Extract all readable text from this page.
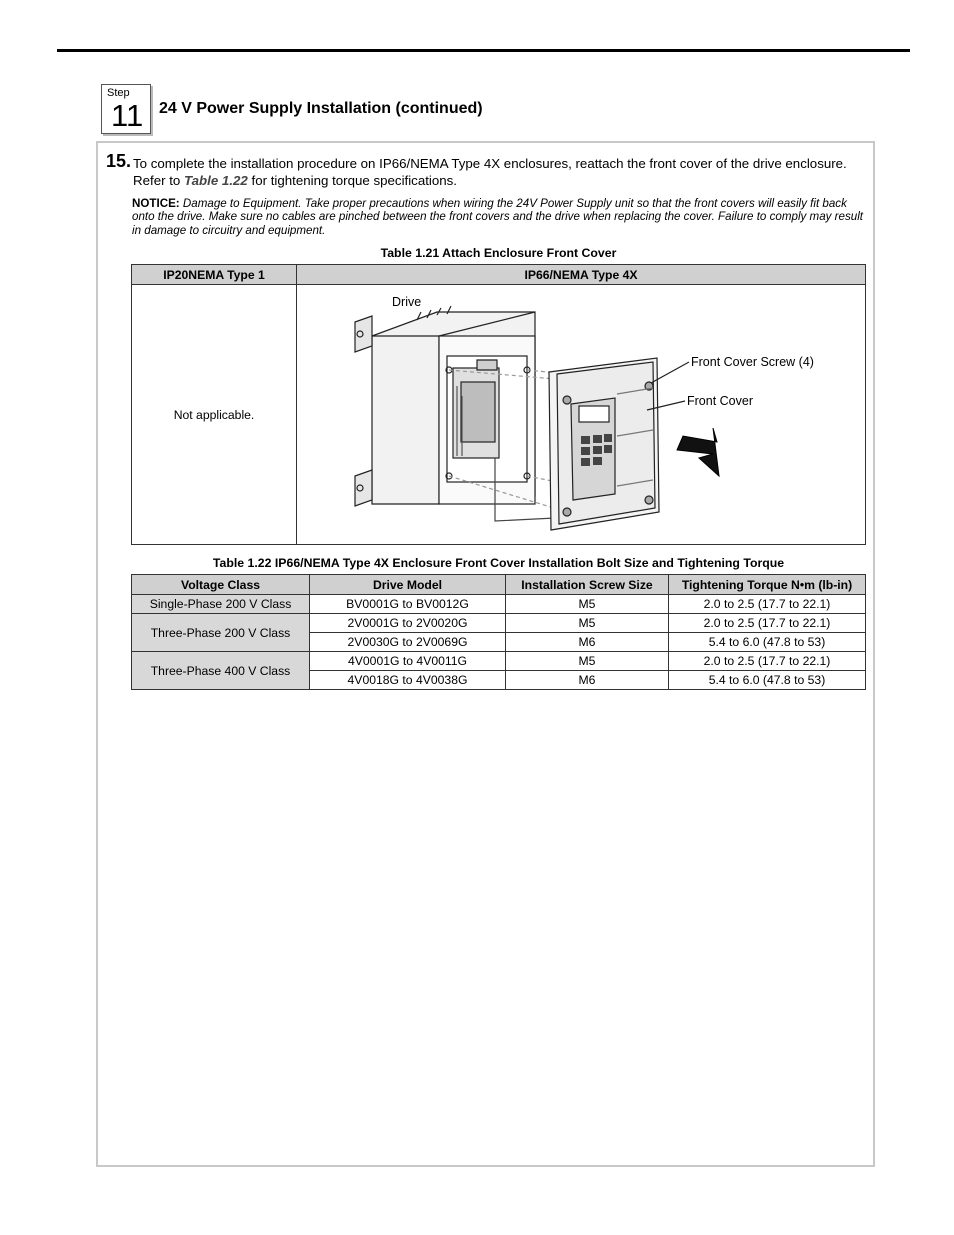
Step
11 24 V Power Supply Installation (continued)
15. To complete the installation procedure on IP66/NEMA Type 4X enclosures, reattach the front cover of the drive enclosure. Refer to Table 1.22 for tightening torque specifications.
NOTICE: Damage to Equipment. Take proper precautions when wiring the 24V Power Supply unit so that the front covers will easily fit back onto the drive. Make sure no cables are pinched between the front covers and the drive when replacing the cover. Failure to comply may result in damage to circuitry and equipment.
Table 1.21 Attach Enclosure Front Cover
IP20NEMA Type 1	IP66/NEMA Type 4X
Not applicable.	Drive
Front Cover Screw (4)
Front Cover
Table 1.22 IP66/NEMA Type 4X Enclosure Front Cover Installation Bolt Size and Tightening Torque
Voltage Class	Drive Model	Installation Screw Size	Tightening Torque N•m (lb-in)
Single-Phase 200 V Class	BV0001G to BV0012G	M5	2.0 to 2.5 (17.7 to 22.1)
Three-Phase 200 V Class	2V0001G to 2V0020G	M5	2.0 to 2.5 (17.7 to 22.1)
	2V0030G to 2V0069G	M6	5.4 to 6.0 (47.8 to 53)
Three-Phase 400 V Class	4V0001G to 4V0011G	M5	2.0 to 2.5 (17.7 to 22.1)
	4V0018G to 4V0038G	M6	5.4 to 6.0 (47.8 to 53)
